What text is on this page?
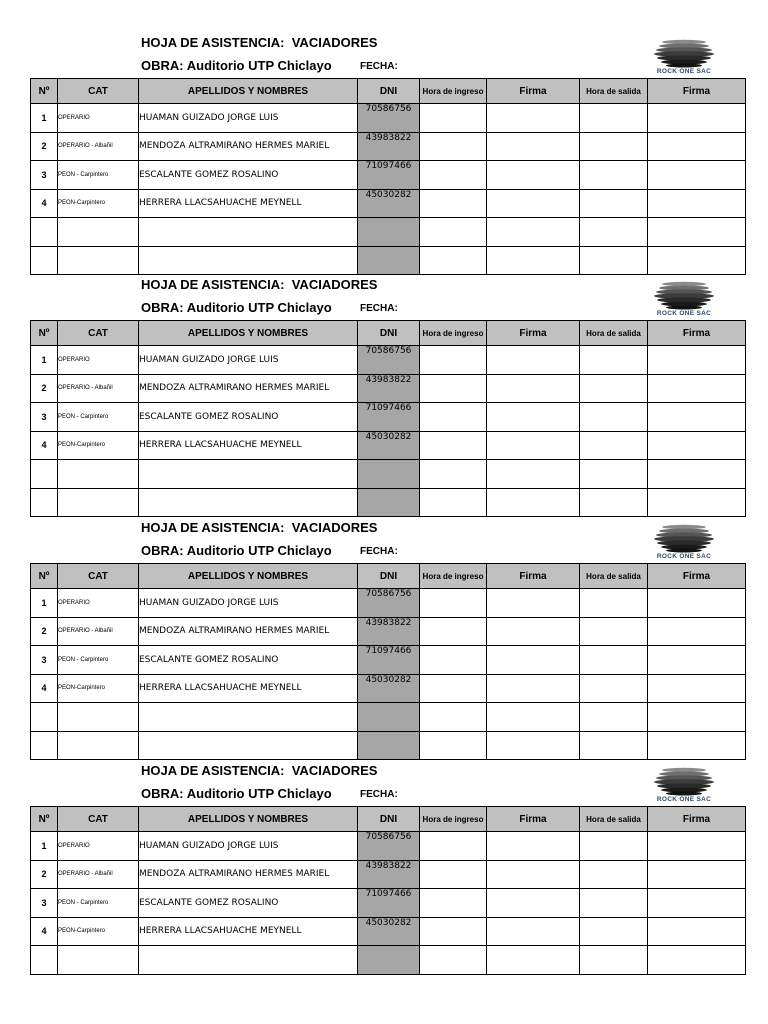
HOJA DE ASISTENCIA:  VACIADORES
OBRA: Auditorio UTP Chiclayo	FECHA:	ROCK ONE SAC
Nº	CAT	APELLIDOS Y NOMBRES	DNI	Hora de ingreso	Firma	Hora de salida	Firma
1	OPERARIO	HUAMAN GUIZADO JORGE LUIS	70586756				
2	OPERARIO - Albañil	MENDOZA ALTRAMIRANO HERMES MARIEL	43983822				
3	PEON - Carpintero	ESCALANTE GOMEZ ROSALINO	71097466				
4	PEON-Carpintero	HERRERA LLACSAHUACHE MEYNELL	45030282				

HOJA DE ASISTENCIA:  VACIADORES
OBRA: Auditorio UTP Chiclayo	FECHA:	ROCK ONE SAC
Nº	CAT	APELLIDOS Y NOMBRES	DNI	Hora de ingreso	Firma	Hora de salida	Firma
1	OPERARIO	HUAMAN GUIZADO JORGE LUIS	70586756				
2	OPERARIO - Albañil	MENDOZA ALTRAMIRANO HERMES MARIEL	43983822				
3	PEON - Carpintero	ESCALANTE GOMEZ ROSALINO	71097466				
4	PEON-Carpintero	HERRERA LLACSAHUACHE MEYNELL	45030282				

HOJA DE ASISTENCIA:  VACIADORES
OBRA: Auditorio UTP Chiclayo	FECHA:	ROCK ONE SAC
Nº	CAT	APELLIDOS Y NOMBRES	DNI	Hora de ingreso	Firma	Hora de salida	Firma
1	OPERARIO	HUAMAN GUIZADO JORGE LUIS	70586756				
2	OPERARIO - Albañil	MENDOZA ALTRAMIRANO HERMES MARIEL	43983822				
3	PEON - Carpintero	ESCALANTE GOMEZ ROSALINO	71097466				
4	PEON-Carpintero	HERRERA LLACSAHUACHE MEYNELL	45030282				

HOJA DE ASISTENCIA:  VACIADORES
OBRA: Auditorio UTP Chiclayo	FECHA:	ROCK ONE SAC
Nº	CAT	APELLIDOS Y NOMBRES	DNI	Hora de ingreso	Firma	Hora de salida	Firma
1	OPERARIO	HUAMAN GUIZADO JORGE LUIS	70586756				
2	OPERARIO - Albañil	MENDOZA ALTRAMIRANO HERMES MARIEL	43983822				
3	PEON - Carpintero	ESCALANTE GOMEZ ROSALINO	71097466				
4	PEON-Carpintero	HERRERA LLACSAHUACHE MEYNELL	45030282				
